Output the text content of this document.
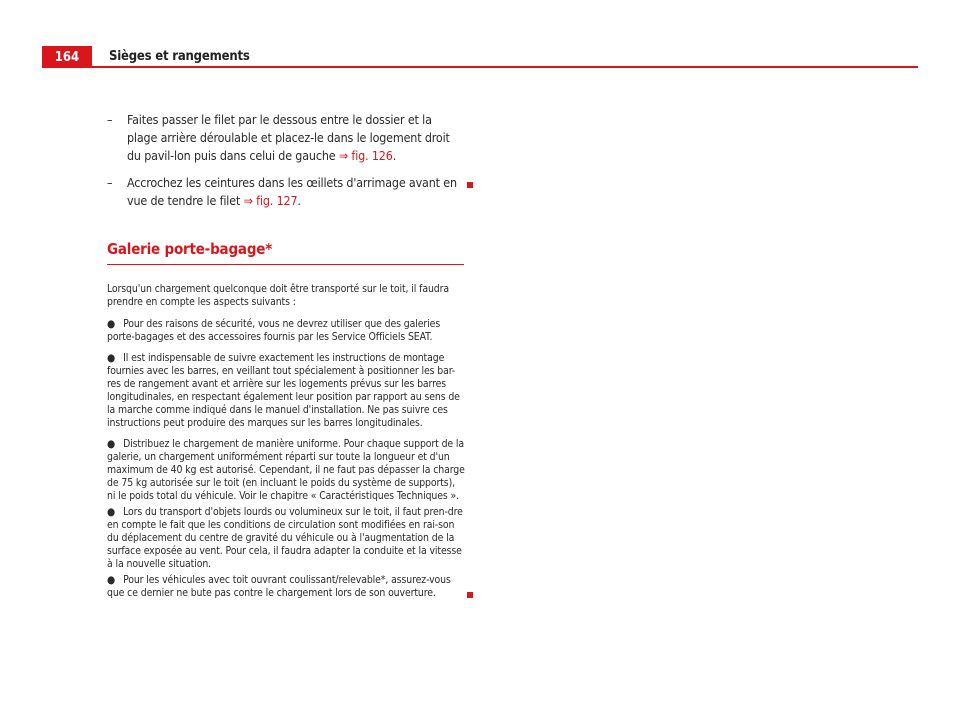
164	Sièges et rangements
– Faites passer le filet par le dessous entre le dossier et la plage arrière déroulable et placez-le dans le logement droit du pavil-lon puis dans celui de gauche ⇒ fig. 126.
– Accrochez les ceintures dans les œillets d'arrimage avant en vue de tendre le filet ⇒ fig. 127.
Galerie porte-bagage*

Lorsqu'un chargement quelconque doit être transporté sur le toit, il faudra prendre en compte les aspects suivants :

● Pour des raisons de sécurité, vous ne devrez utiliser que des galeries porte-bagages et des accessoires fournis par les Service Officiels SEAT.
● Il est indispensable de suivre exactement les instructions de montage fournies avec les barres, en veillant tout spécialement à positionner les bar-res de rangement avant et arrière sur les logements prévus sur les barres longitudinales, en respectant également leur position par rapport au sens de la marche comme indiqué dans le manuel d'installation. Ne pas suivre ces instructions peut produire des marques sur les barres longitudinales.
● Distribuez le chargement de manière uniforme. Pour chaque support de la galerie, un chargement uniformément réparti sur toute la longueur et d'un maximum de 40 kg est autorisé. Cependant, il ne faut pas dépasser la charge de 75 kg autorisée sur le toit (en incluant le poids du système de supports), ni le poids total du véhicule. Voir le chapitre « Caractéristiques Techniques ».
● Lors du transport d'objets lourds ou volumineux sur le toit, il faut pren-dre en compte le fait que les conditions de circulation sont modifiées en rai-son du déplacement du centre de gravité du véhicule ou à l'augmentation de la surface exposée au vent. Pour cela, il faudra adapter la conduite et la vitesse à la nouvelle situation.
● Pour les véhicules avec toit ouvrant coulissant/relevable*, assurez-vous que ce dernier ne bute pas contre le chargement lors de son ouverture.
